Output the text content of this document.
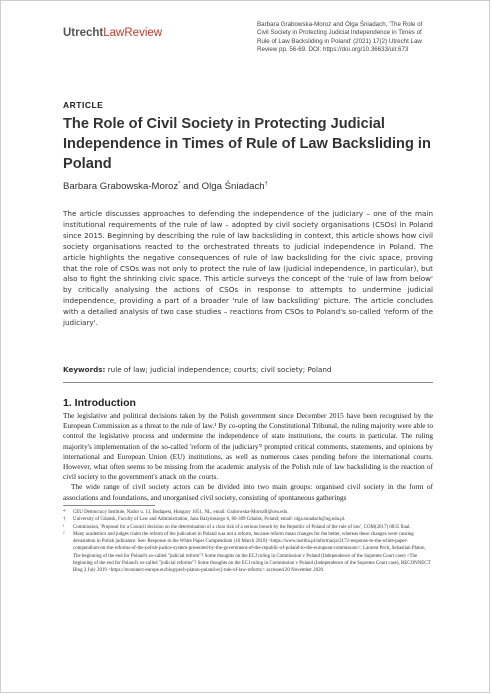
UtrechtLawReview
Barbara Grabowska-Moroz and Olga Śniadach, 'The Role of Civil Society in Protecting Judicial Independence in Times of Rule of Law Backsliding in Poland' (2021) 17(2) Utrecht Law Review pp. 56-69. DOI: https://doi.org/10.36633/ulr.673
ARTICLE
The Role of Civil Society in Protecting Judicial Independence in Times of Rule of Law Backsliding in Poland
Barbara Grabowska-Moroz* and Olga Śniadach†

The article discusses approaches to defending the independence of the judiciary – one of the main institutional requirements of the rule of law – adopted by civil society organisations (CSOs) in Poland since 2015. Beginning by describing the rule of law backsliding in context, this article shows how civil society organisations reacted to the orchestrated threats to judicial independence in Poland. The article highlights the negative consequences of rule of law backsliding for the civic space, proving that the role of CSOs was not only to protect the rule of law (judicial independence, in particular), but also to fight the shrinking civic space. This article surveys the concept of the 'rule of law from below' by critically analysing the actions of CSOs in response to attempts to undermine judicial independence, providing a part of a broader 'rule of law backsliding' picture. The article concludes with a detailed analysis of two case studies – reactions from CSOs to Poland's so-called 'reform of the judiciary'.

Keywords: rule of law; judicial independence; courts; civil society; Poland
1. Introduction

The legislative and political decisions taken by the Polish government since December 2015 have been recognised by the European Commission as a threat to the rule of law.¹ By co-opting the Constitutional Tribunal, the ruling majority were able to control the legislative process and undermine the independence of state institutions, the courts in particular. The ruling majority's implementation of the so-called 'reform of the judiciary'² prompted critical comments, statements, and opinions by international and European Union (EU) institutions, as well as numerous cases pending before the international courts. However, what often seems to be missing from the academic analysis of the Polish rule of law backsliding is the reaction of civil society to the government's attack on the courts.

The wide range of civil society actors can be divided into two main groups: organised civil society in the form of associations and foundations, and unorganised civil society, consisting of spontaneous gatherings

* CEU Democracy Institute, Nador u. 13, Budapest, Hungary 1051, NL, email: Grabowska-MorozB@ceu.edu.

† University of Gdańsk, Faculty of Law and Administration, Jana Bażyńskiego 6, 80-309 Gdańsk, Poland; email: olga.sniadach@ug.edu.pl.

¹ Commission, 'Proposal for a Council decision on the determination of a clear risk of a serious breach by the Republic of Poland of the rule of law', COM(2017) 0835 final.

² Many academics and judges claim the reform of the judicature in Poland was not a reform, because reform mean changes for the better, whereas these changes were causing devastation in Polish judicature. See: Response to the White Paper Compendium (16 March 2018) <https://www.iustitia.pl/informacje/2172-response-to-the-white-paper-compendium-on-the-reforms-of-the-polish-justice-system-presented-by-the-government-of-the-republic-of-poland-to-the-european-commission>; Laurent Pech, Sebastian Platon, The beginning of the end for Poland's so-called "judicial reform"? Some thoughts on the ECJ ruling in Commission v Poland (Independence of the Supreme Court case) <The beginning of the end for Poland's so-called "judicial reforms"? Some thoughts on the ECJ ruling in Commission v Poland (Independence of the Supreme Court case), RECONNECT Blog 2 July 2019 <https://reconnect-europe.eu/blog/pech-platon-poland-ecj-rule-of-law-reform/> accessed 20 November 2020.
